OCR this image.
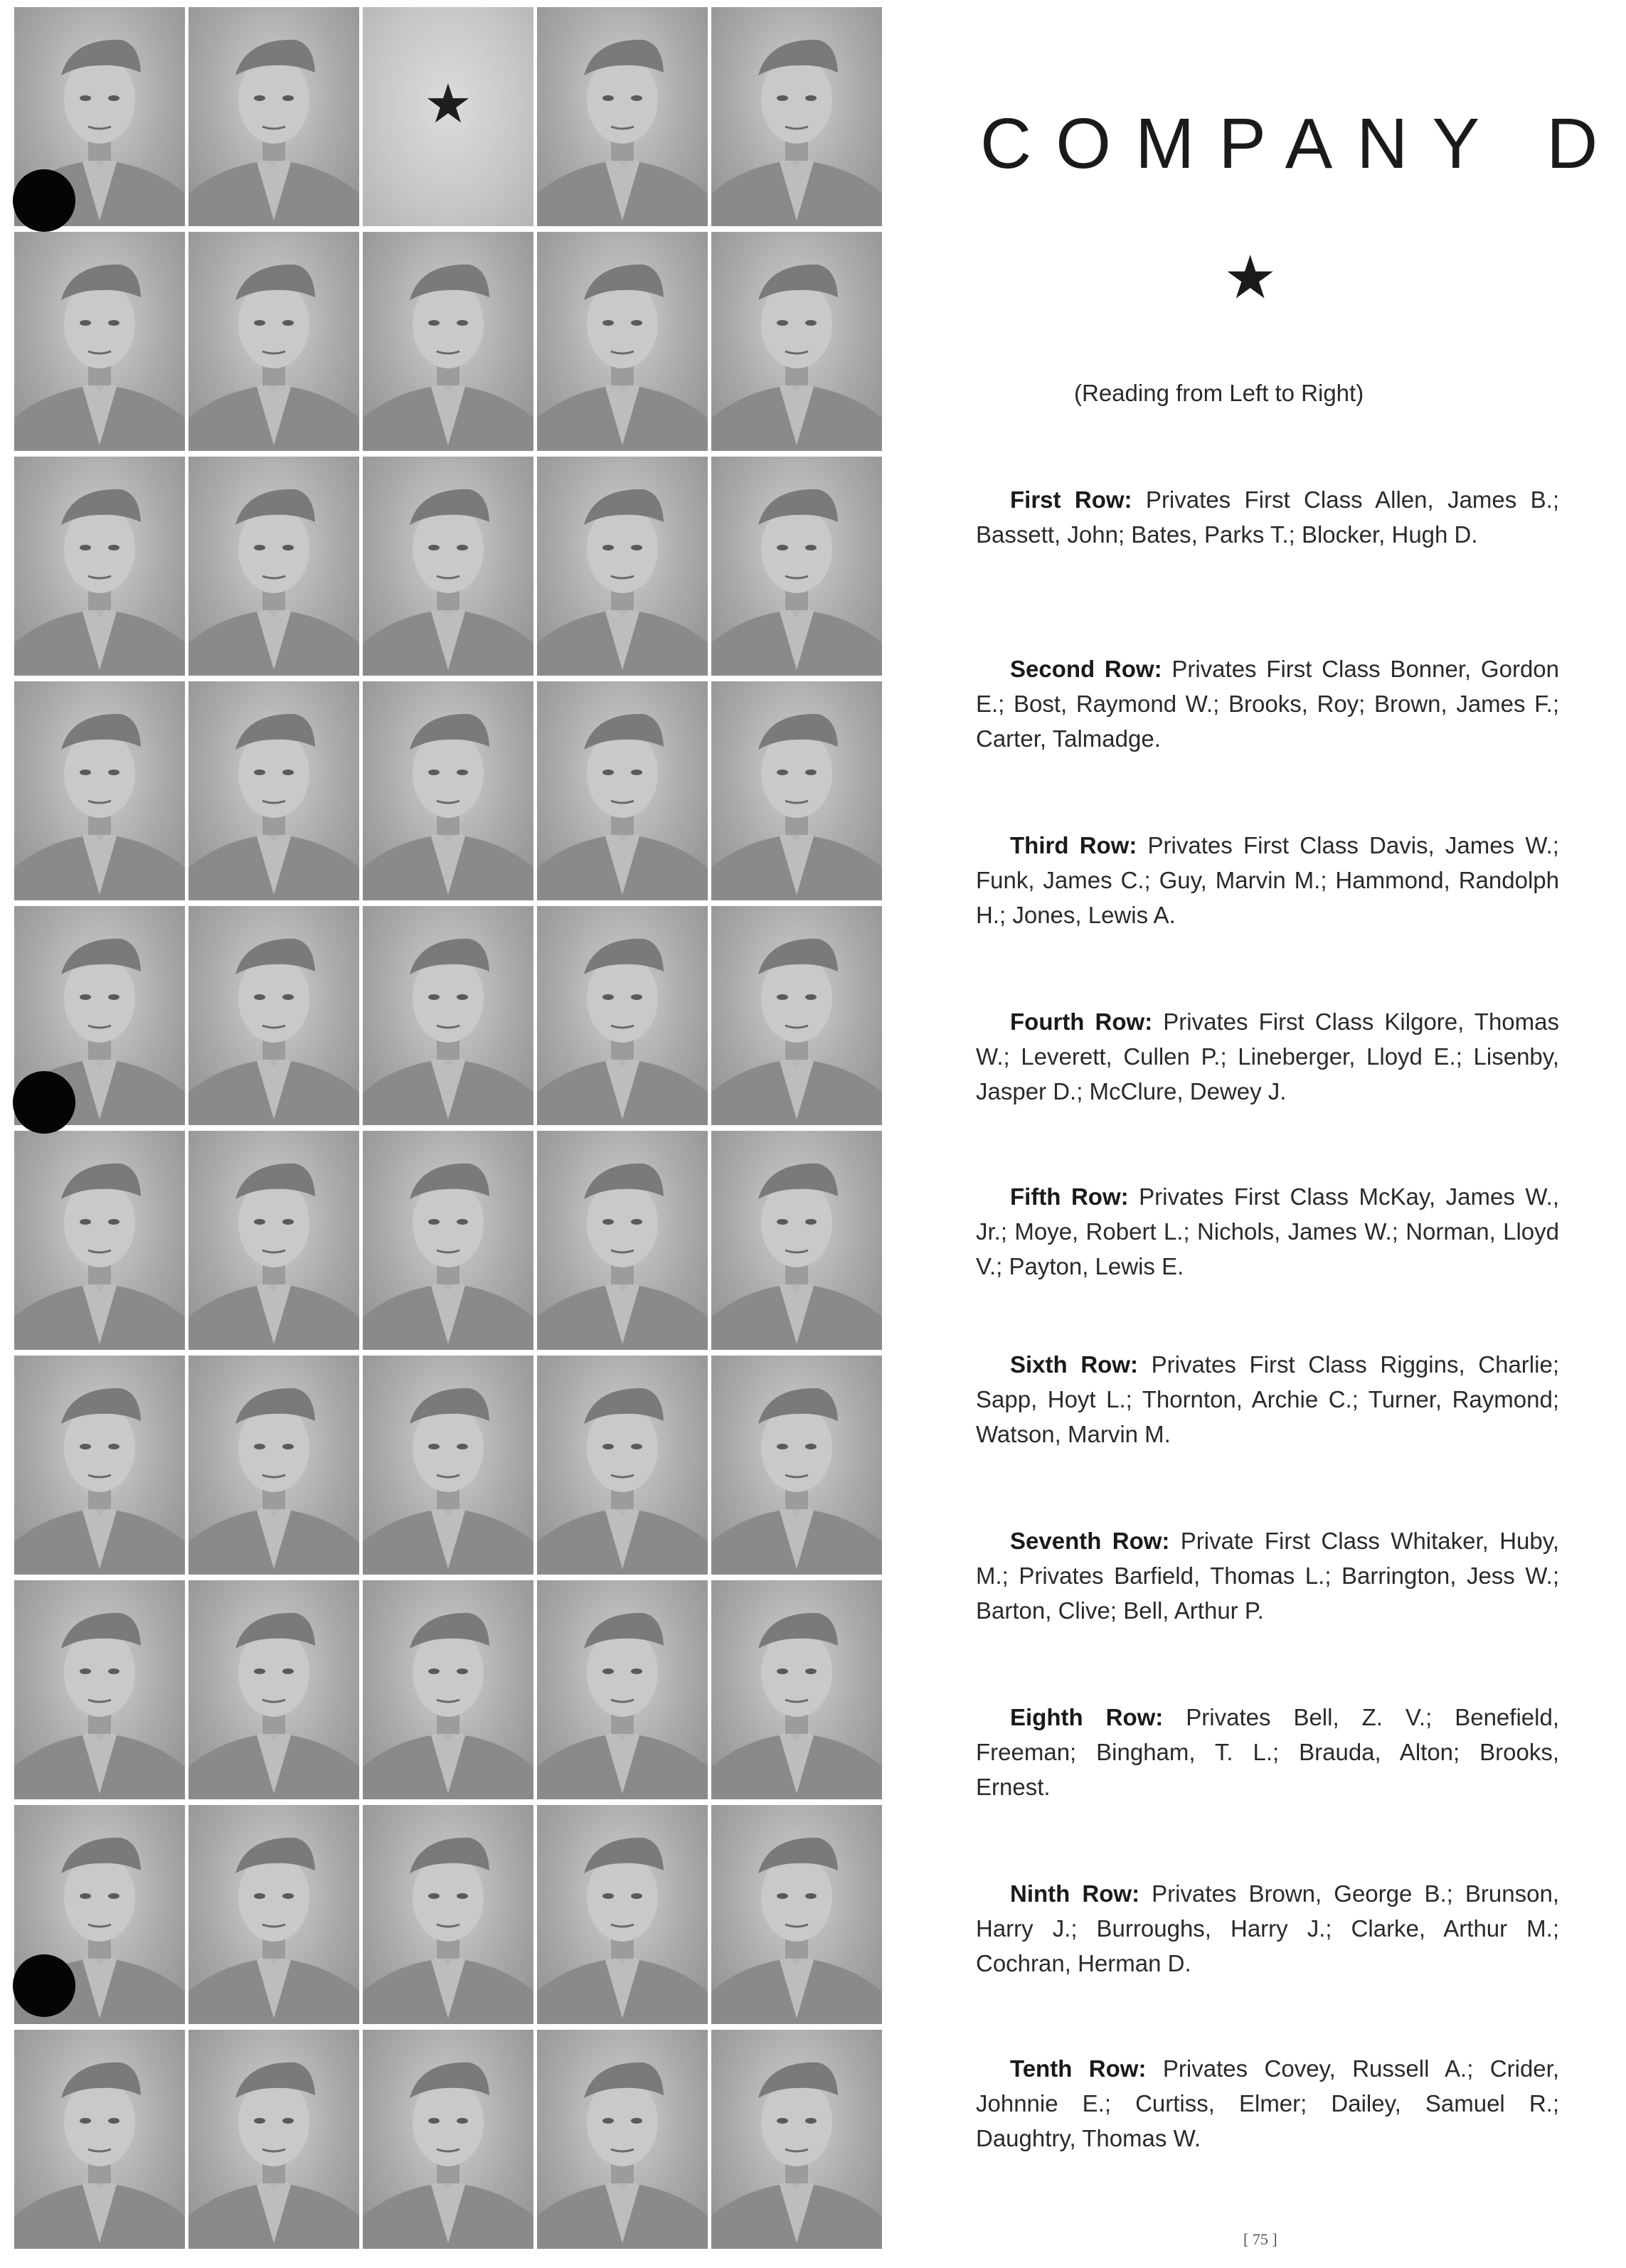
★
COMPANY D
★
(Reading from Left to Right)

First Row: Privates First Class Allen, James B.; Bassett, John; Bates, Parks T.; Blocker, Hugh D.

Second Row: Privates First Class Bonner, Gordon E.; Bost, Raymond W.; Brooks, Roy; Brown, James F.; Carter, Talmadge.

Third Row: Privates First Class Davis, James W.; Funk, James C.; Guy, Marvin M.; Hammond, Randolph H.; Jones, Lewis A.

Fourth Row: Privates First Class Kilgore, Thomas W.; Leverett, Cullen P.; Lineberger, Lloyd E.; Lisenby, Jasper D.; McClure, Dewey J.

Fifth Row: Privates First Class McKay, James W., Jr.; Moye, Robert L.; Nichols, James W.; Norman, Lloyd V.; Payton, Lewis E.

Sixth Row: Privates First Class Riggins, Charlie; Sapp, Hoyt L.; Thornton, Archie C.; Turner, Raymond; Watson, Marvin M.

Seventh Row: Private First Class Whitaker, Huby, M.; Privates Barfield, Thomas L.; Barrington, Jess W.; Barton, Clive; Bell, Arthur P.

Eighth Row: Privates Bell, Z. V.; Benefield, Freeman; Bingham, T. L.; Brauda, Alton; Brooks, Ernest.

Ninth Row: Privates Brown, George B.; Brunson, Harry J.; Burroughs, Harry J.; Clarke, Arthur M.; Cochran, Herman D.

Tenth Row: Privates Covey, Russell A.; Crider, Johnnie E.; Curtiss, Elmer; Dailey, Samuel R.; Daughtry, Thomas W.

[ 75 ]
